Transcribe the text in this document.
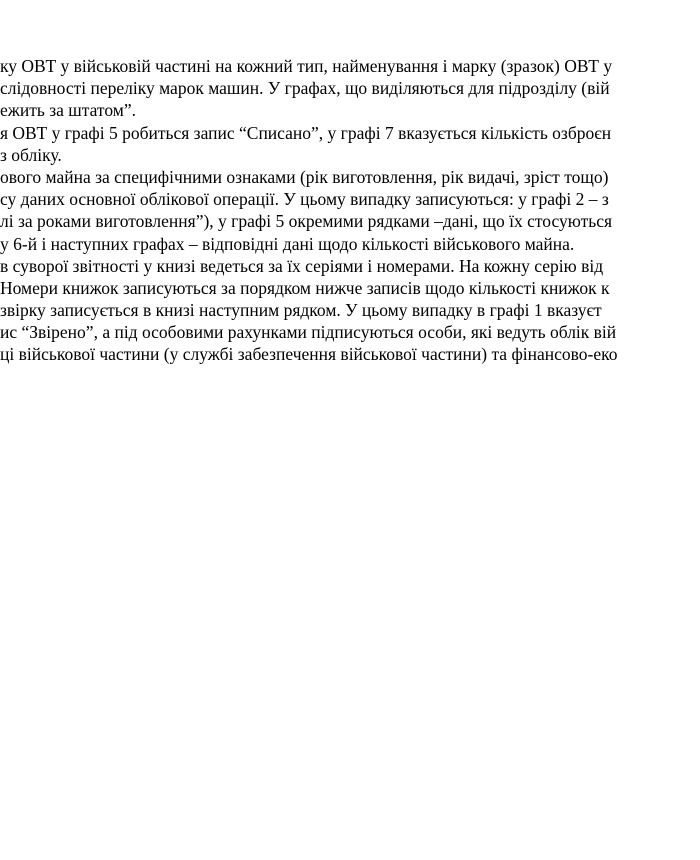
ку ОВТ у військовій частині на кожний тип, найменування і марку (зразок) ОВТ у
слідовності переліку марок машин. У графах, що виділяються для підрозділу (вій
ежить за штатом”.
я ОВТ у графі 5 робиться запис “Списано”, у графі 7 вказується кількість озброєн
з обліку.
ового майна за специфічними ознаками (рік виготовлення, рік видачі, зріст тощо)
су даних основної облікової операції. У цьому випадку записуються: у графі 2 – з
лі за роками виготовлення”), у графі 5 окремими рядками –дані, що їх стосуються
у 6-й і наступних графах – відповідні дані щодо кількості військового майна.
в суворої звітності у книзі ведеться за їх серіями і номерами. На кожну серію від
Номери книжок записуються за порядком нижче записів щодо кількості книжок к
звірку записується в книзі наступним рядком. У цьому випадку в графі 1 вказуєт
ис “Звірено”, а під особовими рахунками підписуються особи, які ведуть облік вій
ці військової частини (у службі забезпечення військової частини) та фінансово-еко
